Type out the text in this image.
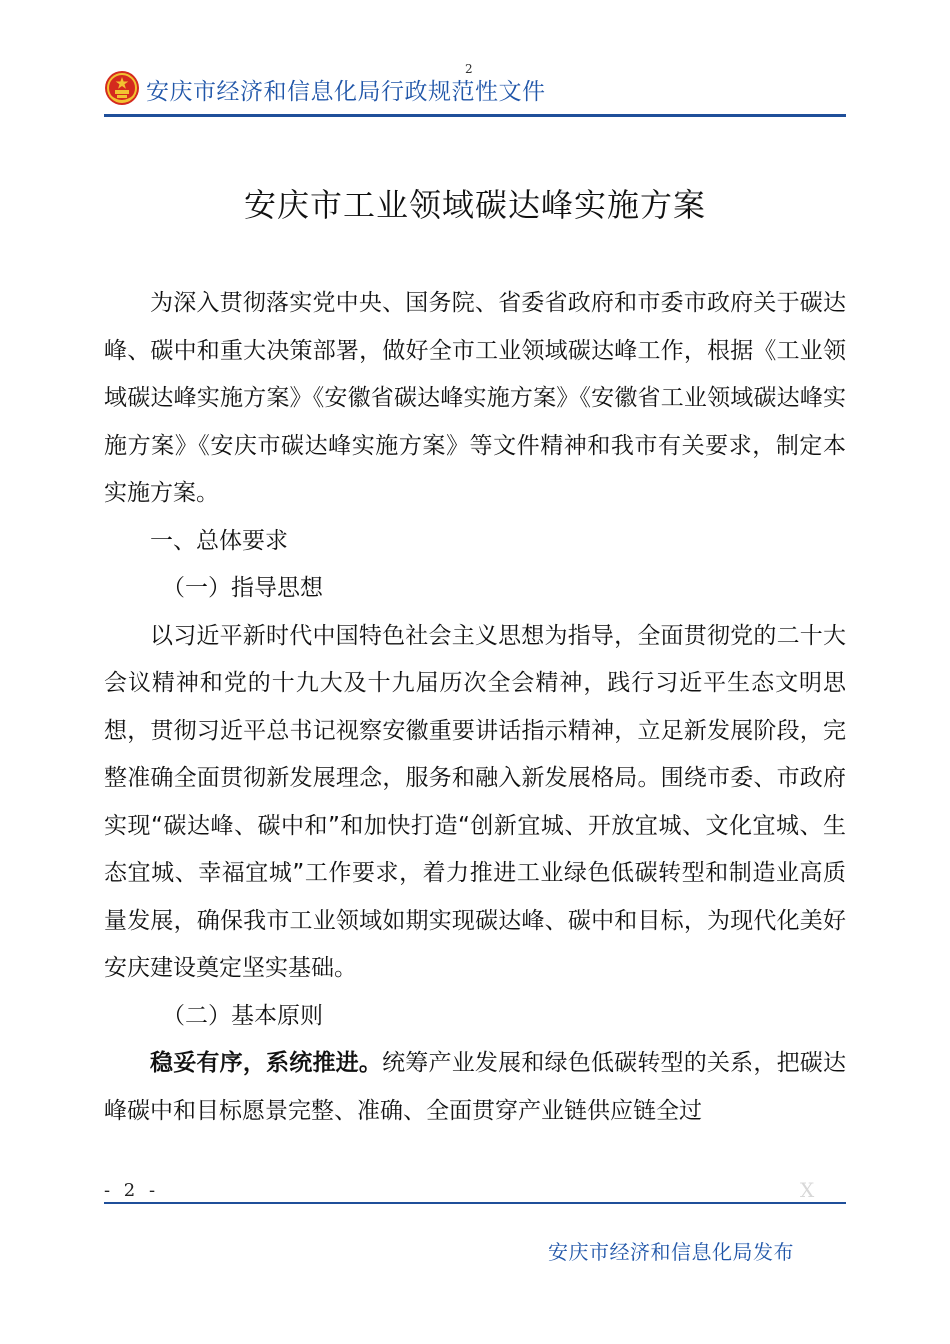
安庆市经济和信息化局行政规范性文件
2
安庆市工业领域碳达峰实施方案

为深入贯彻落实党中央、国务院、省委省政府和市委市政府关于碳达峰、碳中和重大决策部署，做好全市工业领域碳达峰工作，根据《工业领域碳达峰实施方案》《安徽省碳达峰实施方案》《安徽省工业领域碳达峰实施方案》《安庆市碳达峰实施方案》等文件精神和我市有关要求，制定本实施方案。

一、总体要求

（一）指导思想

以习近平新时代中国特色社会主义思想为指导，全面贯彻党的二十大会议精神和党的十九大及十九届历次全会精神，践行习近平生态文明思想，贯彻习近平总书记视察安徽重要讲话指示精神，立足新发展阶段，完整准确全面贯彻新发展理念，服务和融入新发展格局。围绕市委、市政府实现“碳达峰、碳中和”和加快打造“创新宜城、开放宜城、文化宜城、生态宜城、幸福宜城”工作要求，着力推进工业绿色低碳转型和制造业高质量发展，确保我市工业领域如期实现碳达峰、碳中和目标，为现代化美好安庆建设奠定坚实基础。

（二）基本原则

稳妥有序，系统推进。统筹产业发展和绿色低碳转型的关系，把碳达峰碳中和目标愿景完整、准确、全面贯穿产业链供应链全过

- 2 -	X
安庆市经济和信息化局发布
